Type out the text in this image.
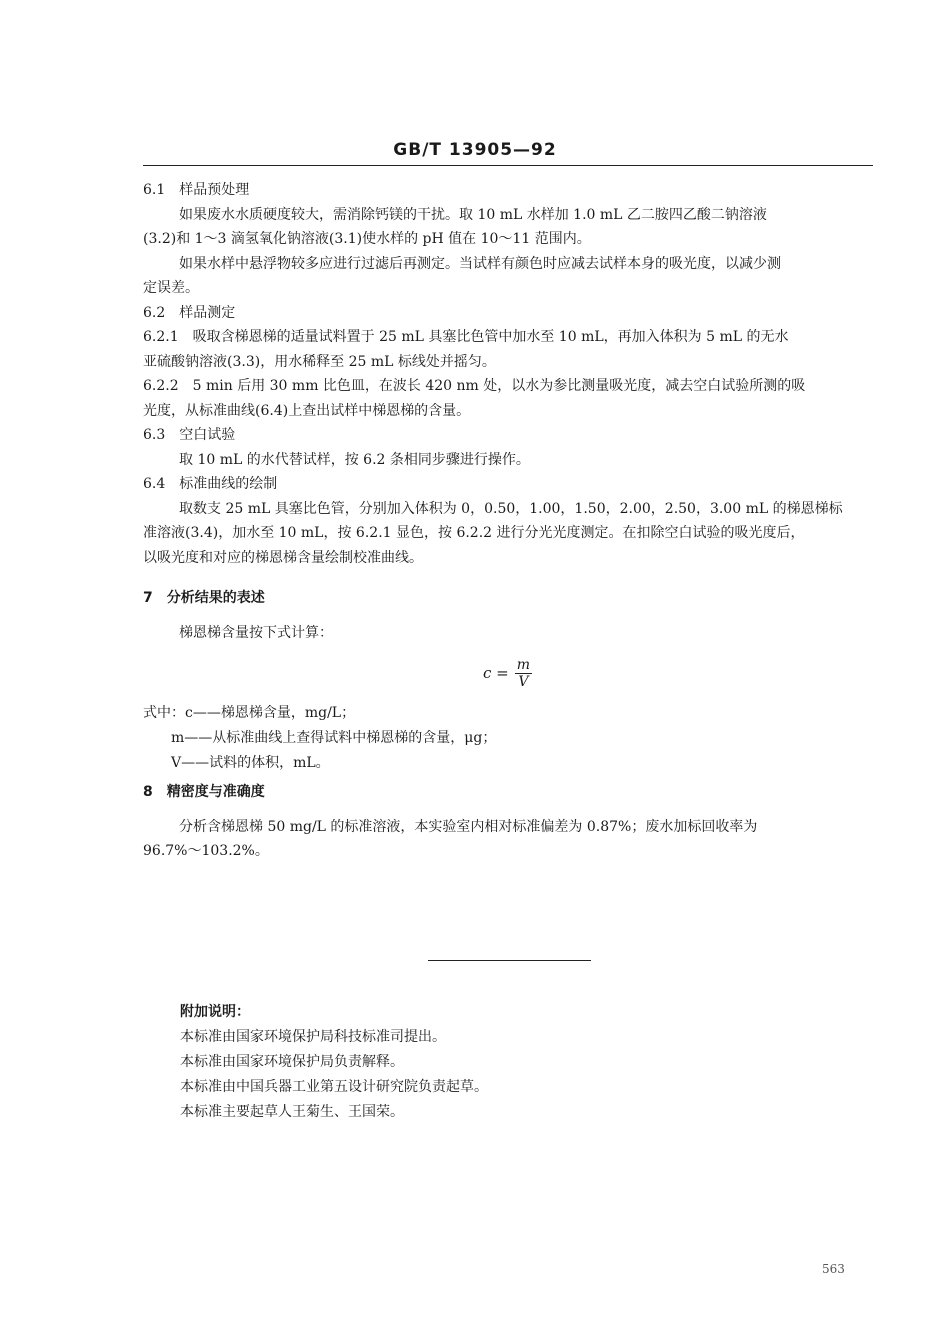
GB/T 13905—92
6.1　样品预处理
如果废水水质硬度较大，需消除钙镁的干扰。取 10 mL 水样加 1.0 mL 乙二胺四乙酸二钠溶液
(3.2)和 1～3 滴氢氧化钠溶液(3.1)使水样的 pH 值在 10～11 范围内。
如果水样中悬浮物较多应进行过滤后再测定。当试样有颜色时应减去试样本身的吸光度，以减少测
定误差。
6.2　样品测定
6.2.1　吸取含梯恩梯的适量试料置于 25 mL 具塞比色管中加水至 10 mL，再加入体积为 5 mL 的无水
亚硫酸钠溶液(3.3)，用水稀释至 25 mL 标线处并摇匀。
6.2.2　5 min 后用 30 mm 比色皿，在波长 420 nm 处，以水为参比测量吸光度，减去空白试验所测的吸
光度，从标准曲线(6.4)上查出试样中梯恩梯的含量。
6.3　空白试验
取 10 mL 的水代替试样，按 6.2 条相同步骤进行操作。
6.4　标准曲线的绘制
取数支 25 mL 具塞比色管，分别加入体积为 0，0.50，1.00，1.50，2.00，2.50，3.00 mL 的梯恩梯标
准溶液(3.4)，加水至 10 mL，按 6.2.1 显色，按 6.2.2 进行分光光度测定。在扣除空白试验的吸光度后，
以吸光度和对应的梯恩梯含量绘制校准曲线。
7　分析结果的表述
梯恩梯含量按下式计算：
$c = \frac{m}{V}$
式中：c——梯恩梯含量，mg/L；
m——从标准曲线上查得试料中梯恩梯的含量，μg；
V——试料的体积，mL。
8　精密度与准确度
分析含梯恩梯 50 mg/L 的标准溶液，本实验室内相对标准偏差为 0.87%；废水加标回收率为
96.7%～103.2%。
附加说明：
本标准由国家环境保护局科技标准司提出。
本标准由国家环境保护局负责解释。
本标准由中国兵器工业第五设计研究院负责起草。
本标准主要起草人王菊生、王国荣。
563
